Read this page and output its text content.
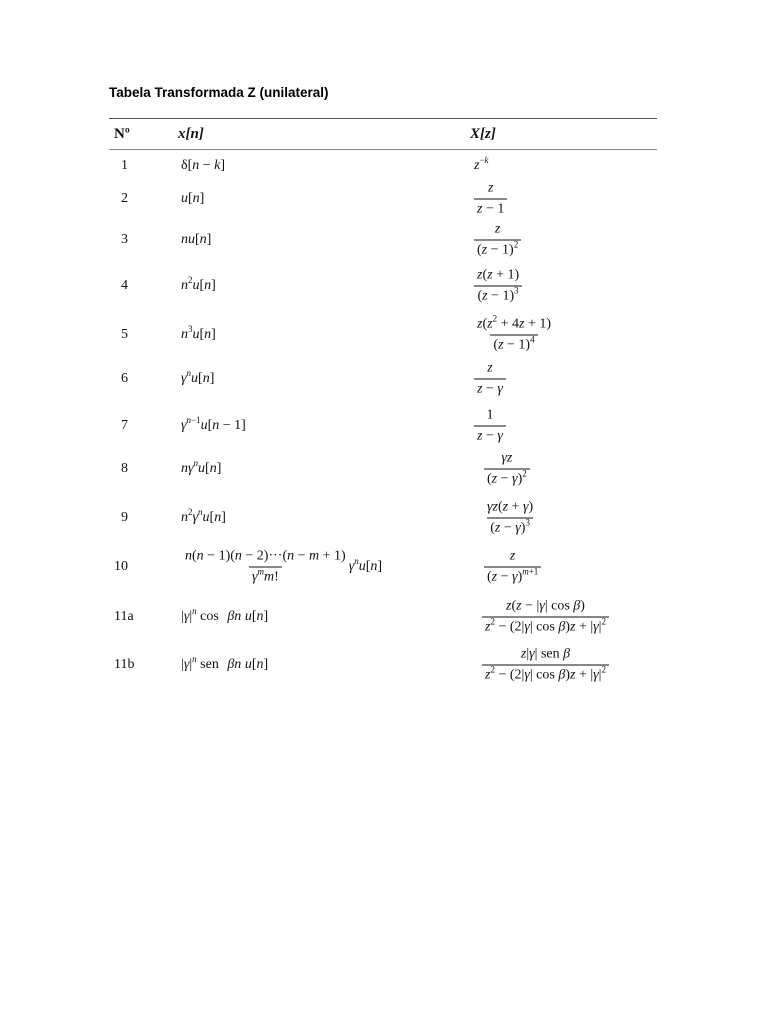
Tabela Transformada Z (unilateral)
Nº	x[n]	X[z]
1	δ[n − k]	$z^{-k}$
2	u[n]	$\frac{z}{z - 1}$
3	nu[n]	$\frac{z}{(z - 1)^2}$
4	$n^2u[n]$	$\frac{z(z + 1)}{(z - 1)^3}$
5	$n^3u[n]$	$\frac{z(z^2 + 4z + 1)}{(z - 1)^4}$
6	$\gamma^nu[n]$	$\frac{z}{z - \gamma}$
7	$\gamma^{n-1}u[n - 1]$	$\frac{1}{z - \gamma}$
8	$n\gamma^nu[n]$	$\frac{\gamma z}{(z - \gamma)^2}$
9	$n^2\gamma^nu[n]$	$\frac{\gamma z(z + \gamma)}{(z - \gamma)^3}$
10	$\frac{n(n - 1)(n - 2)\cdot\cdot\cdot(n - m + 1)}{\gamma^mm!} \gamma^nu[n]$	$\frac{z}{(z - \gamma)^{m+1}}$
11a	$|\gamma|^n$ cos βn u[n]	$\frac{\text{z(z − |γ| cos β)}}{z^2 - (2|\gamma| \cos \beta)z + |\gamma|^2}$
11b	$|\gamma|^n$ sen βn u[n]	$\frac{\text{z|γ| sen β}}{z^2 - (2|\gamma| \cos \beta)z + |\gamma|^2}$
